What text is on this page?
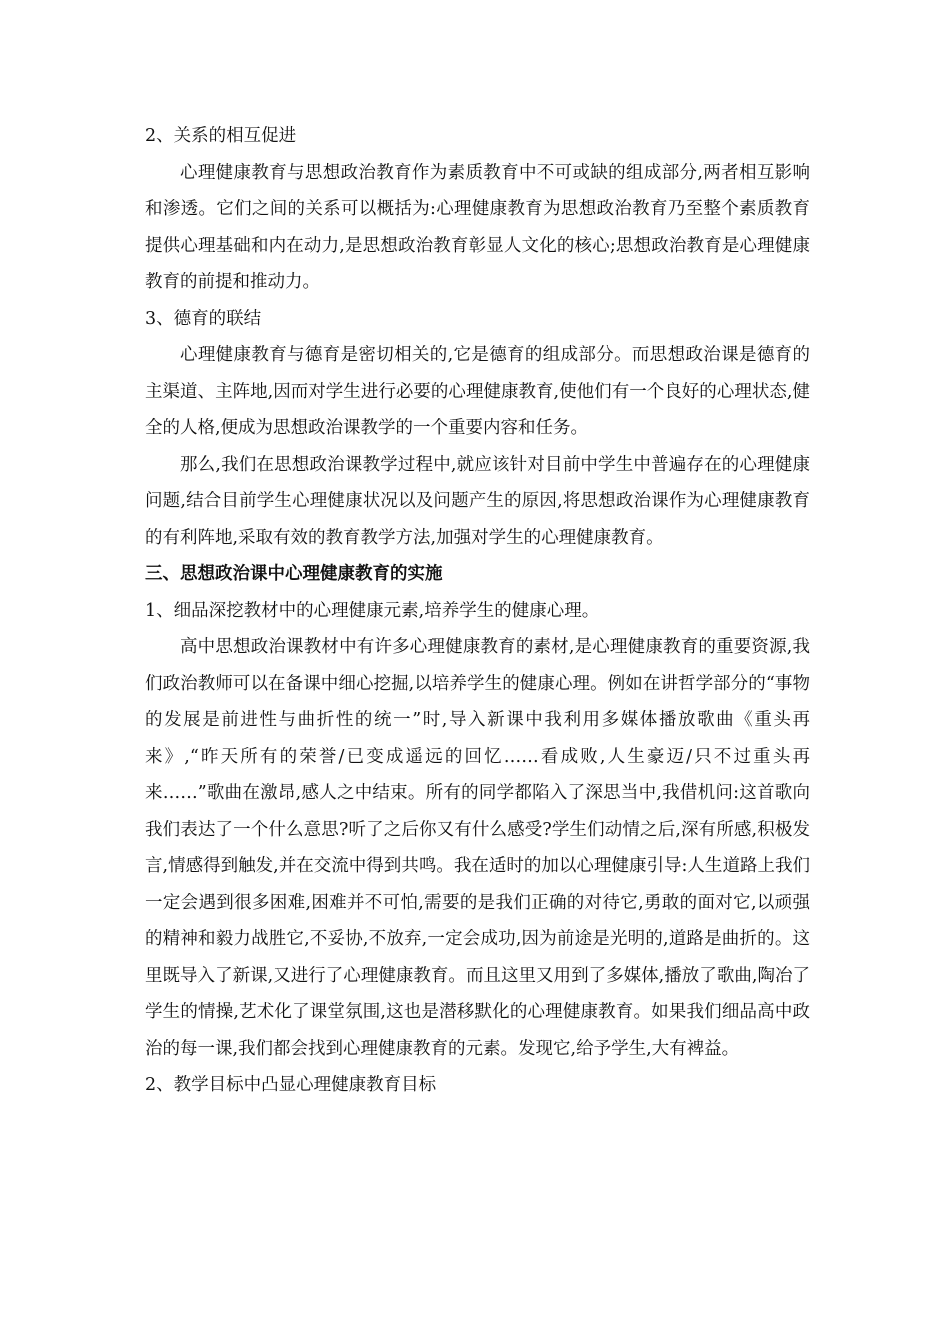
2、关系的相互促进

心理健康教育与思想政治教育作为素质教育中不可或缺的组成部分,两者相互影响和渗透。它们之间的关系可以概括为:心理健康教育为思想政治教育乃至整个素质教育提供心理基础和内在动力,是思想政治教育彰显人文化的核心;思想政治教育是心理健康教育的前提和推动力。

3、德育的联结

心理健康教育与德育是密切相关的,它是德育的组成部分。而思想政治课是德育的主渠道、主阵地,因而对学生进行必要的心理健康教育,使他们有一个良好的心理状态,健全的人格,便成为思想政治课教学的一个重要内容和任务。

那么,我们在思想政治课教学过程中,就应该针对目前中学生中普遍存在的心理健康问题,结合目前学生心理健康状况以及问题产生的原因,将思想政治课作为心理健康教育的有利阵地,采取有效的教育教学方法,加强对学生的心理健康教育。

三、思想政治课中心理健康教育的实施

1、细品深挖教材中的心理健康元素,培养学生的健康心理。

高中思想政治课教材中有许多心理健康教育的素材,是心理健康教育的重要资源,我们政治教师可以在备课中细心挖掘,以培养学生的健康心理。例如在讲哲学部分的“事物的发展是前进性与曲折性的统一”时,导入新课中我利用多媒体播放歌曲《重头再来》,“昨天所有的荣誉/已变成遥远的回忆……看成败,人生豪迈/只不过重头再来……”歌曲在激昂,感人之中结束。所有的同学都陷入了深思当中,我借机问:这首歌向我们表达了一个什么意思?听了之后你又有什么感受?学生们动情之后,深有所感,积极发言,情感得到触发,并在交流中得到共鸣。我在适时的加以心理健康引导:人生道路上我们一定会遇到很多困难,困难并不可怕,需要的是我们正确的对待它,勇敢的面对它,以顽强的精神和毅力战胜它,不妥协,不放弃,一定会成功,因为前途是光明的,道路是曲折的。这里既导入了新课,又进行了心理健康教育。而且这里又用到了多媒体,播放了歌曲,陶冶了学生的情操,艺术化了课堂氛围,这也是潜移默化的心理健康教育。如果我们细品高中政治的每一课,我们都会找到心理健康教育的元素。发现它,给予学生,大有裨益。

2、教学目标中凸显心理健康教育目标
